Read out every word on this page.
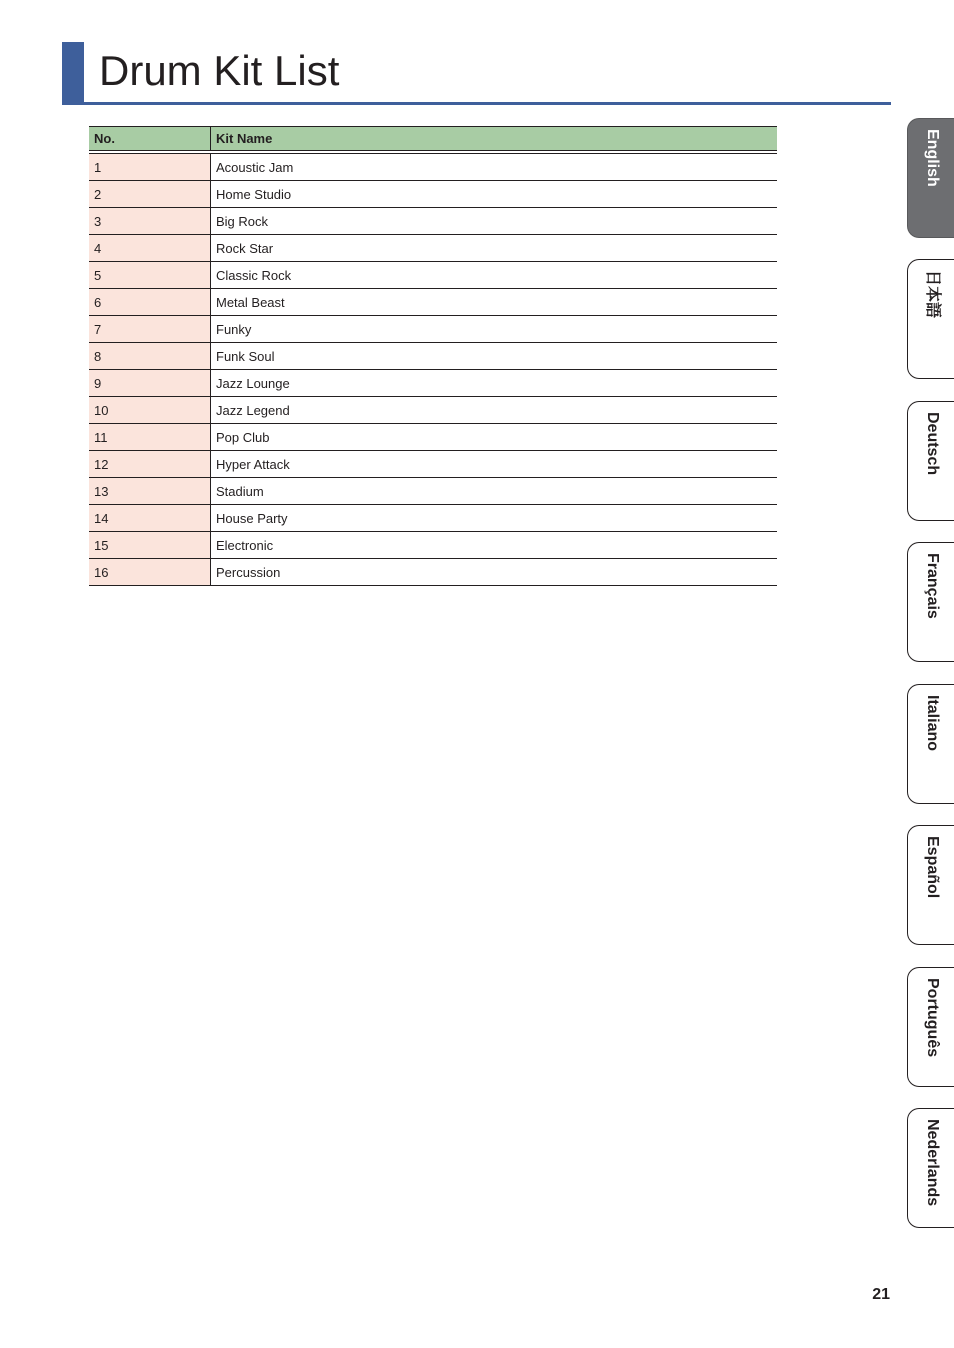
Drum Kit List
No.	Kit Name
1	Acoustic Jam
2	Home Studio
3	Big Rock
4	Rock Star
5	Classic Rock
6	Metal Beast
7	Funky
8	Funk Soul
9	Jazz Lounge
10	Jazz Legend
11	Pop Club
12	Hyper Attack
13	Stadium
14	House Party
15	Electronic
16	Percussion
English
日本語
Deutsch
Français
Italiano
Español
Português
Nederlands
21
